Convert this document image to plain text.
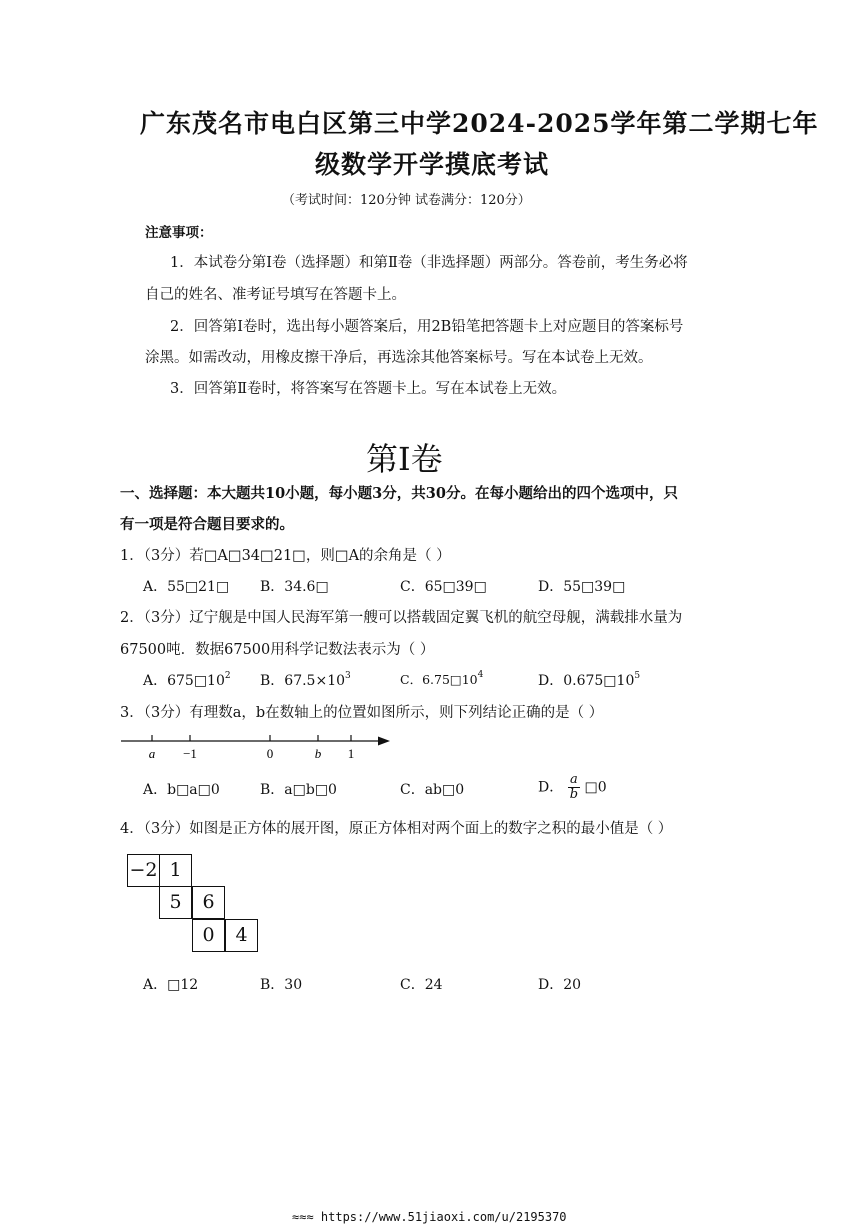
广东茂名市电白区第三中学2024-2025学年第二学期七年
级数学开学摸底考试
（考试时间：120分钟 试卷满分：120分）
注意事项：
1．本试卷分第Ⅰ卷（选择题）和第Ⅱ卷（非选择题）两部分。答卷前，考生务必将
自己的姓名、准考证号填写在答题卡上。
2．回答第Ⅰ卷时，选出每小题答案后，用2B铅笔把答题卡上对应题目的答案标号
涂黑。如需改动，用橡皮擦干净后，再选涂其他答案标号。写在本试卷上无效。
3．回答第Ⅱ卷时，将答案写在答题卡上。写在本试卷上无效。
第Ⅰ卷
一、选择题：本大题共10小题，每小题3分，共30分。在每小题给出的四个选项中，只
有一项是符合题目要求的。
1．（3分）若□A□34□21□，则□A的余角是（ ）
A．55□21□ B．34.6□	C．65□39□	D．55□39□
2．（3分）辽宁舰是中国人民海军第一艘可以搭载固定翼飞机的航空母舰，满载排水量为
67500吨．数据67500用科学记数法表示为（ ）
A．$675□10^2$ B．$67.5\times 10^3$	C．$6.75□10^4$	D．$0.675□10^5$
3．（3分）有理数a，b在数轴上的位置如图所示，则下列结论正确的是（ ）
a −1	0	b 1
A．b□a□0	B．a□b□0	C．ab□0	D． $\frac{a}{b}$ □0
4．（3分）如图是正方体的展开图，原正方体相对两个面上的数字之积的最小值是（ ）
−2 1
5	6
0	4
A．□12	B．30	C．24	D．20
≈≈≈ https://www.51jiaoxi.com/u/2195370
